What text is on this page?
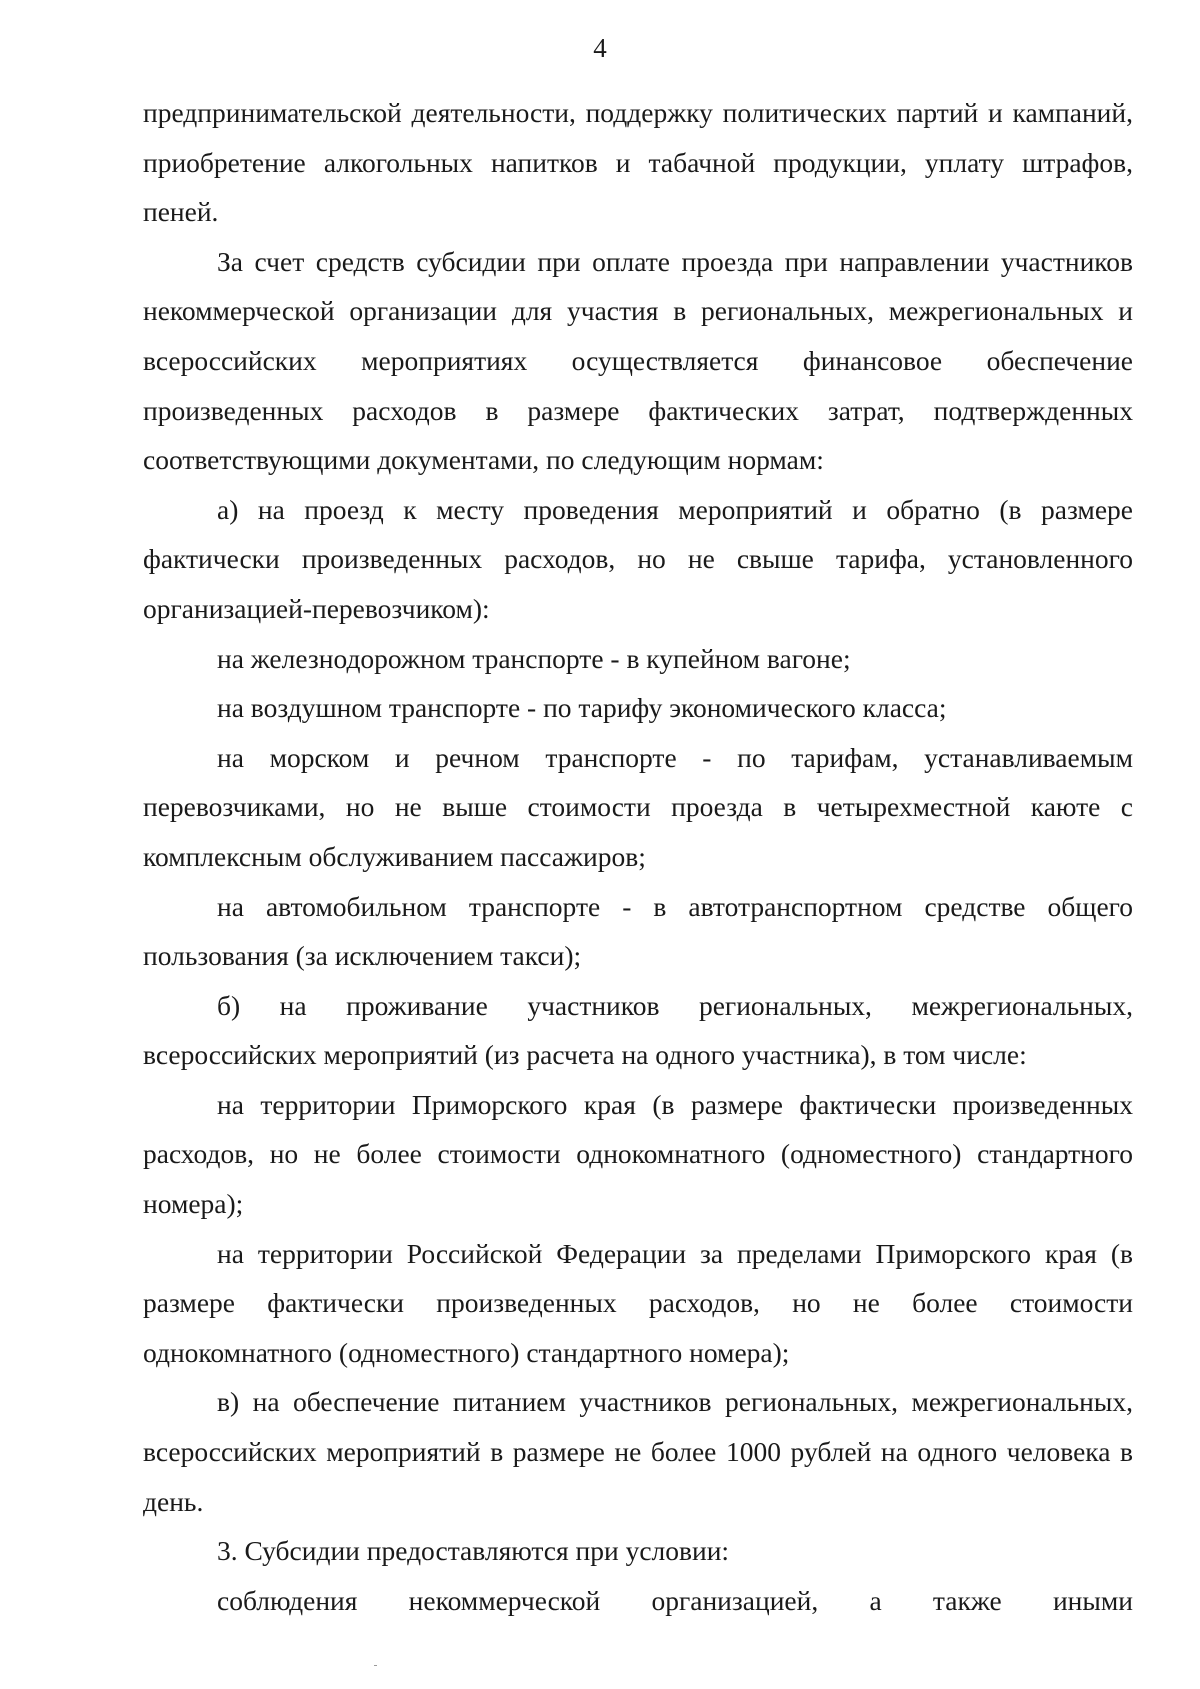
4

предпринимательской деятельности, поддержку политических партий и кампаний, приобретение алкогольных напитков и табачной продукции, уплату штрафов, пеней.

За счет средств субсидии при оплате проезда при направлении участников некоммерческой организации для участия в региональных, межрегиональных и всероссийских мероприятиях осуществляется финансовое обеспечение произведенных расходов в размере фактических затрат, подтвержденных соответствующими документами, по следующим нормам:

а) на проезд к месту проведения мероприятий и обратно (в размере фактически произведенных расходов, но не свыше тарифа, установленного организацией-перевозчиком):

на железнодорожном транспорте - в купейном вагоне;

на воздушном транспорте - по тарифу экономического класса;

на морском и речном транспорте - по тарифам, устанавливаемым перевозчиками, но не выше стоимости проезда в четырехместной каюте с комплексным обслуживанием пассажиров;

на автомобильном транспорте - в автотранспортном средстве общего пользования (за исключением такси);

б) на проживание участников региональных, межрегиональных, всероссийских мероприятий (из расчета на одного участника), в том числе:

на территории Приморского края (в размере фактически произведенных расходов, но не более стоимости однокомнатного (одноместного) стандартного номера);

на территории Российской Федерации за пределами Приморского края (в размере фактически произведенных расходов, но не более стоимости однокомнатного (одноместного) стандартного номера);

в) на обеспечение питанием участников региональных, межрегиональных, всероссийских мероприятий в размере не более 1000 рублей на одного человека в день.

3. Субсидии предоставляются при условии:

соблюдения некоммерческой организацией, а также иными
